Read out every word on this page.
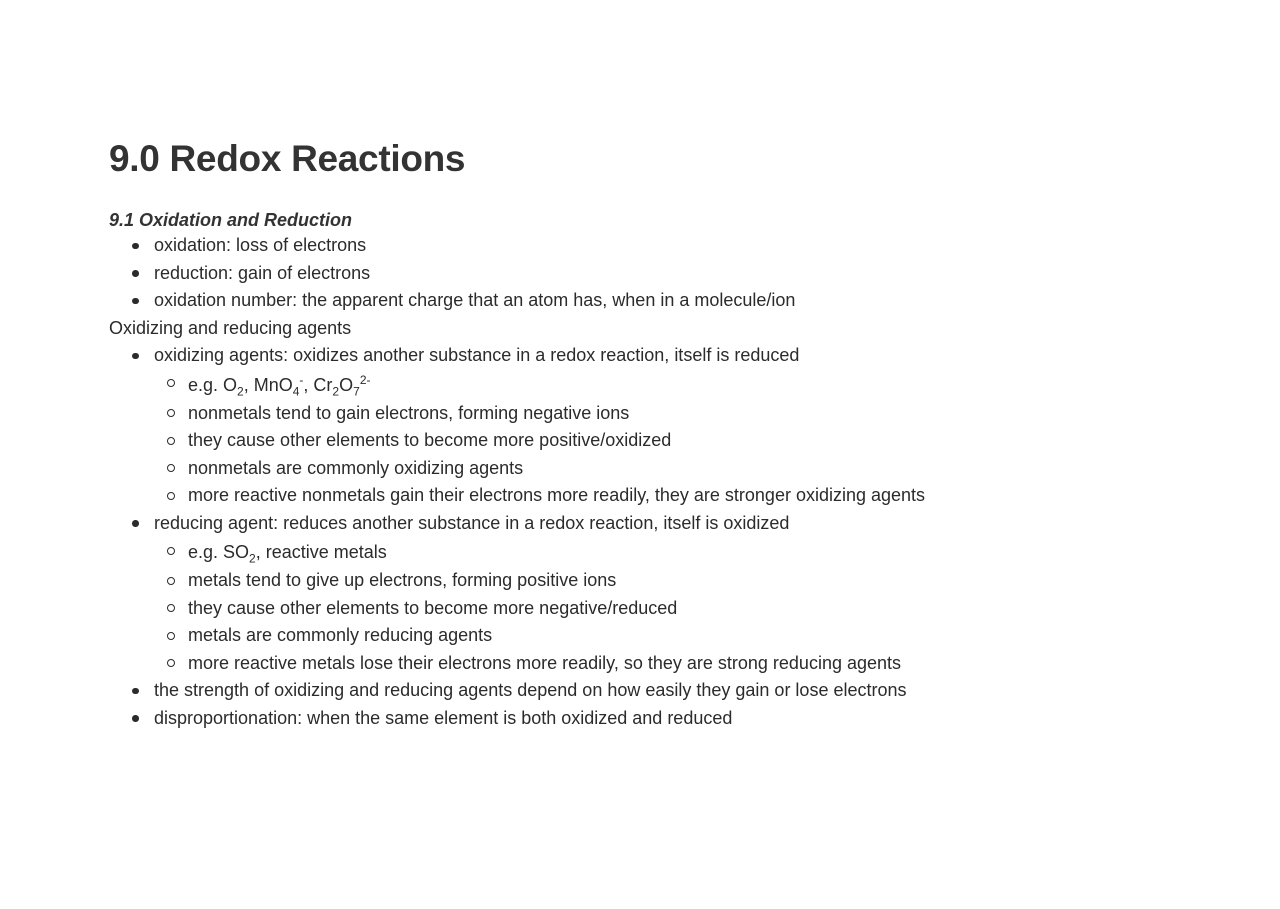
9.0 Redox Reactions
9.1 Oxidation and Reduction
oxidation: loss of electrons
reduction: gain of electrons
oxidation number: the apparent charge that an atom has, when in a molecule/ion
Oxidizing and reducing agents
oxidizing agents: oxidizes another substance in a redox reaction, itself is reduced
e.g. $O_2$, MnO$_4$-, $Cr_2O_7^{2-}$
nonmetals tend to gain electrons, forming negative ions
they cause other elements to become more positive/oxidized
nonmetals are commonly oxidizing agents
more reactive nonmetals gain their electrons more readily, they are stronger oxidizing agents
reducing agent: reduces another substance in a redox reaction, itself is oxidized
e.g. $SO_2$, reactive metals
metals tend to give up electrons, forming positive ions
they cause other elements to become more negative/reduced
metals are commonly reducing agents
more reactive metals lose their electrons more readily, so they are strong reducing agents
the strength of oxidizing and reducing agents depend on how easily they gain or lose electrons
disproportionation: when the same element is both oxidized and reduced
